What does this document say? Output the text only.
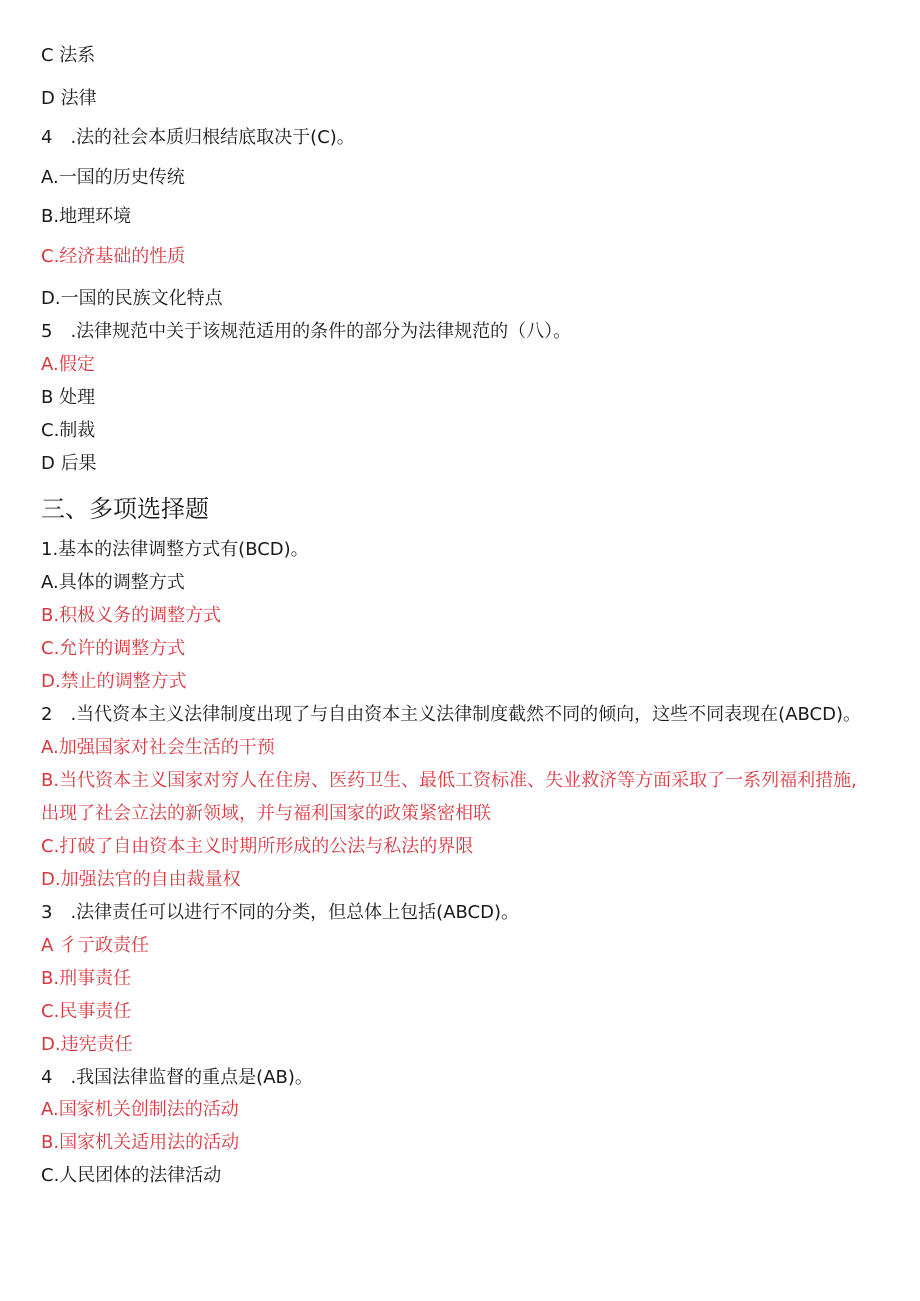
C 法系
D 法律
4　.法的社会本质归根结底取决于(C)。
A.一国的历史传统
B.地理环境
C.经济基础的性质
D.一国的民族文化特点
5　.法律规范中关于该规范适用的条件的部分为法律规范的（八）。
A.假定
B 处理
C.制裁
D 后果
三、多项选择题
1.基本的法律调整方式有(BCD)。
A.具体的调整方式
B.积极义务的调整方式
C.允许的调整方式
D.禁止的调整方式
2　.当代资本主义法律制度出现了与自由资本主义法律制度截然不同的倾向，这些不同表现在(ABCD)。
A.加强国家对社会生活的干预
B.当代资本主义国家对穷人在住房、医药卫生、最低工资标准、失业救济等方面采取了一系列福利措施,
出现了社会立法的新领域，并与福利国家的政策紧密相联
C.打破了自由资本主义时期所形成的公法与私法的界限
D.加强法官的自由裁量权
3　.法律责任可以进行不同的分类，但总体上包括(ABCD)。
A 彳亍政责任
B.刑事责任
C.民事责任
D.违宪责任
4　.我国法律监督的重点是(AB)。
A.国家机关创制法的活动
B.国家机关适用法的活动
C.人民团体的法律活动
